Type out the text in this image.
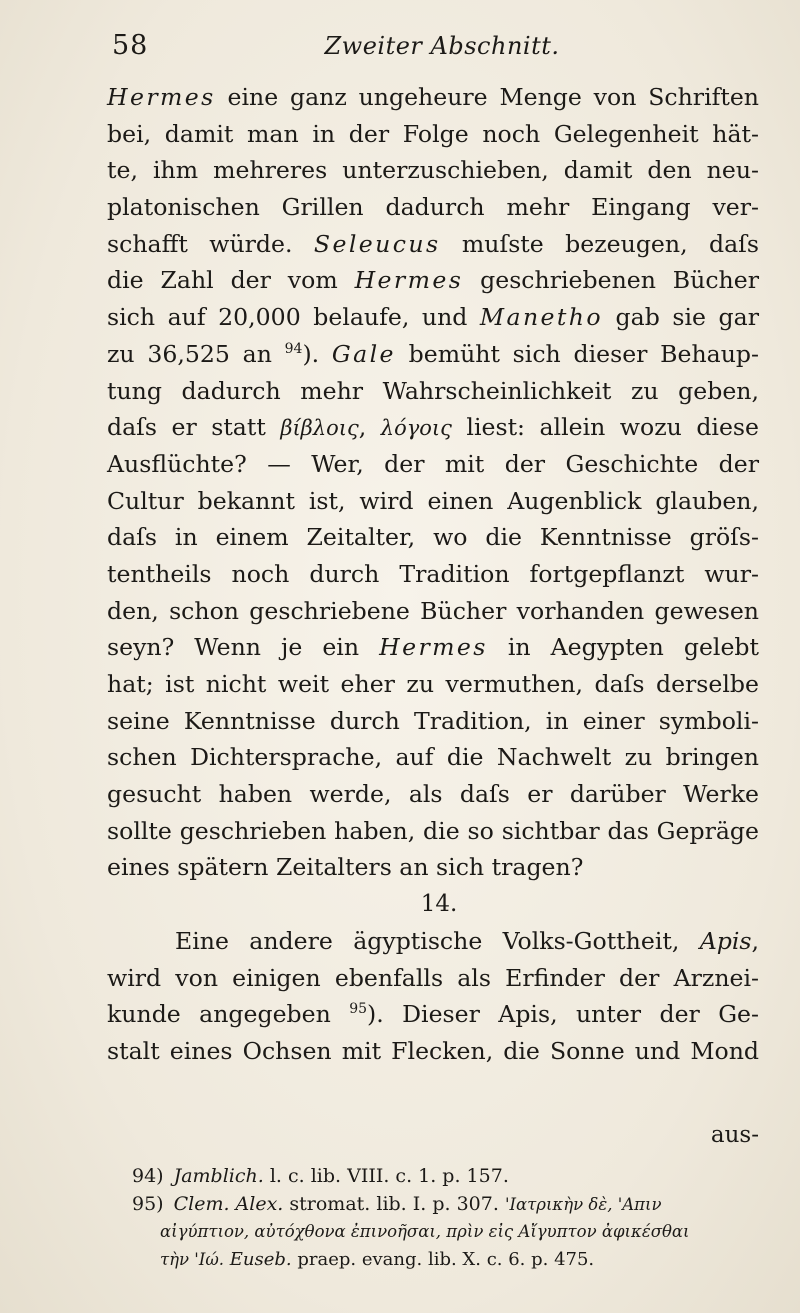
58	Zweiter Abschnitt.
Hermes eine ganz ungeheure Menge von Schriften
bei, damit man in der Folge noch Gelegenheit hät-
te, ihm mehreres unterzuschieben, damit den neu-
platonischen Grillen dadurch mehr Eingang ver-
schafft würde. Seleucus muſste bezeugen, daſs
die Zahl der vom Hermes geschriebenen Bücher
sich auf 20,000 belaufe, und Manetho gab sie gar
zu 36,525 an $^{94}$). Gale bemüht sich dieser Behaup-
tung dadurch mehr Wahrscheinlichkeit zu geben,
daſs er statt βίβλοις, λόγοις liest: allein wozu diese
Ausflüchte? — Wer, der mit der Geschichte der
Cultur bekannt ist, wird einen Augenblick glauben,
daſs in einem Zeitalter, wo die Kenntnisse gröſs-
tentheils noch durch Tradition fortgepflanzt wur-
den, schon geschriebene Bücher vorhanden gewesen
seyn? Wenn je ein Hermes in Aegypten gelebt
hat; ist nicht weit eher zu vermuthen, daſs derselbe
seine Kenntnisse durch Tradition, in einer symboli-
schen Dichtersprache, auf die Nachwelt zu bringen
gesucht haben werde, als daſs er darüber Werke
sollte geschrieben haben, die so sichtbar das Gepräge
eines spätern Zeitalters an sich tragen?
14.
Eine andere ägyptische Volks-Gottheit, Apis,
wird von einigen ebenfalls als Erfinder der Arznei-
kunde angegeben $^{95}$). Dieser Apis, unter der Ge-
stalt eines Ochsen mit Flecken, die Sonne und Mond
aus-
94) Jamblich. l. c. lib. VIII. c. 1. p. 157.
95) Clem. Alex. stromat. lib. I. p. 307. 'Ιατρικὴν δὲ, 'Απιν
αἰγύπτιον, αὐτόχθονα ἐπινοῆσαι, πρὶν εἰς Αἴγυπτον ἀφικέσθαι
τὴν 'Ιώ. Euseb. praep. evang. lib. X. c. 6. p. 475.
